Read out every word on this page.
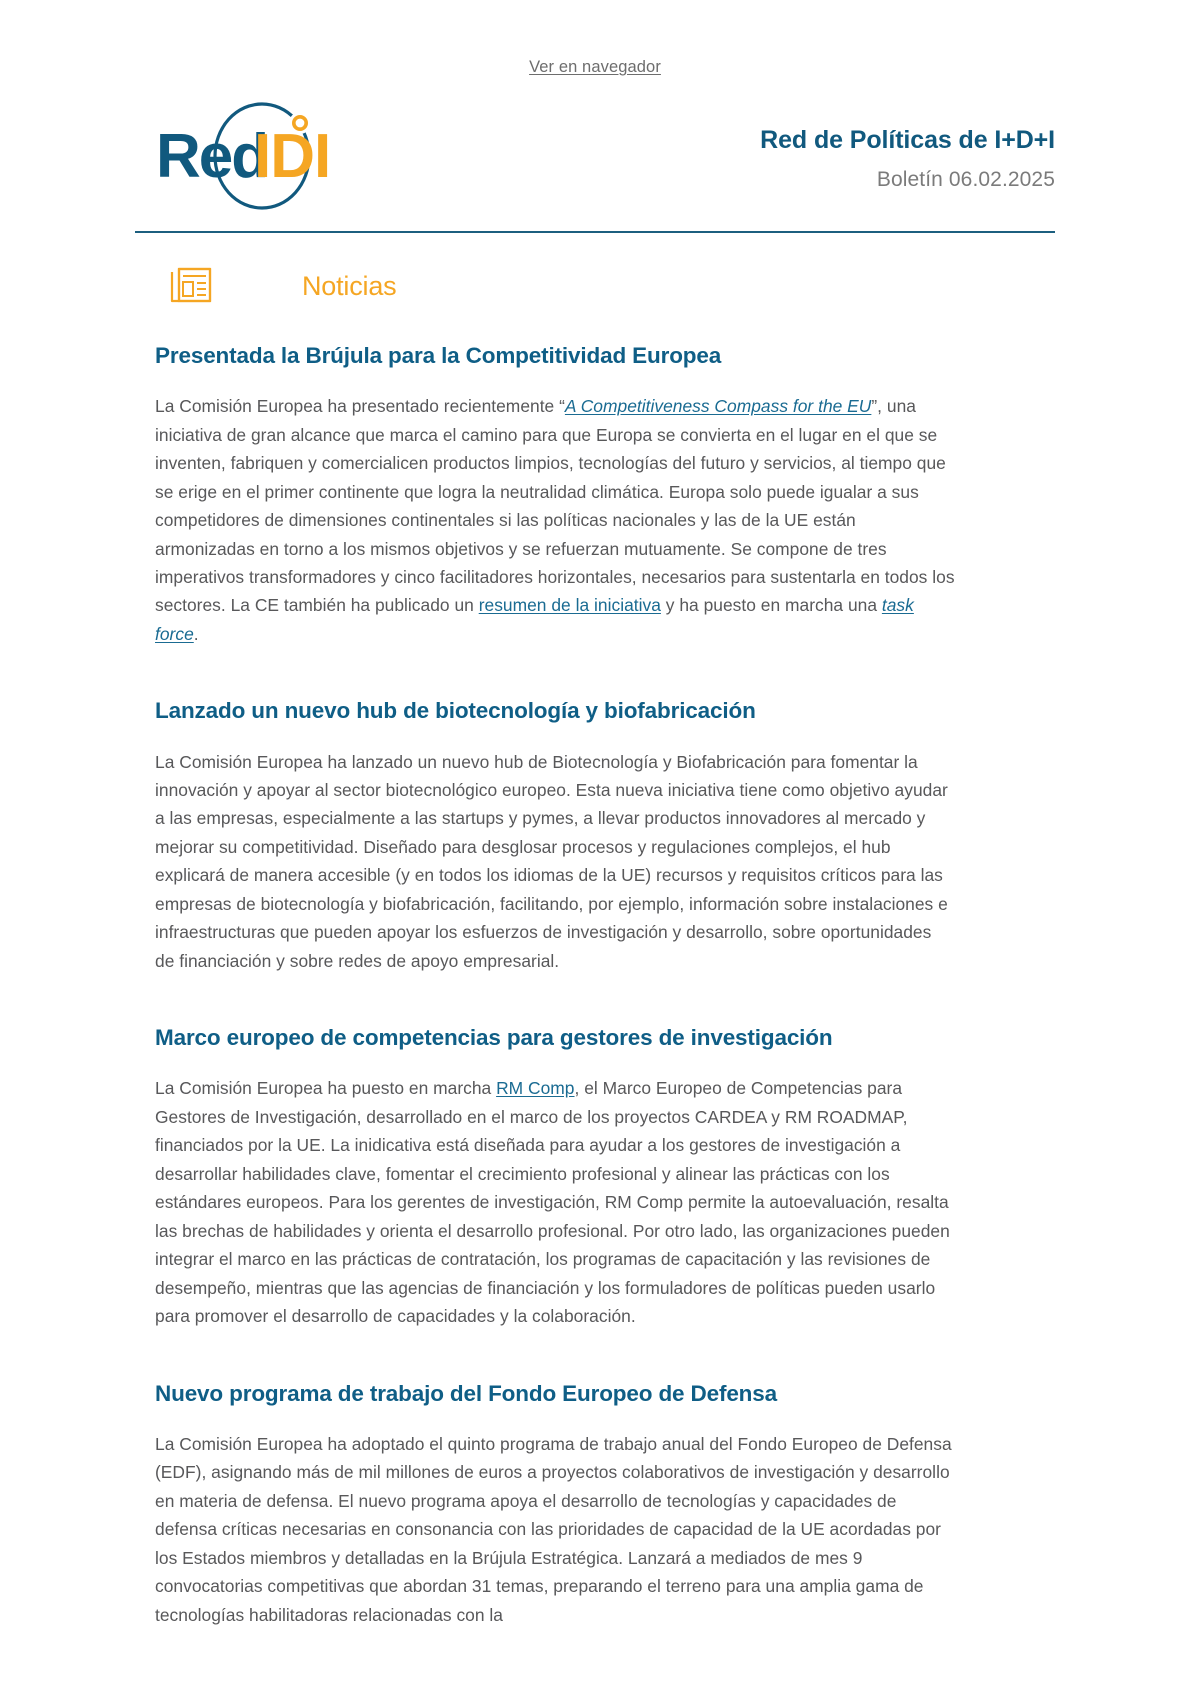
Ver en navegador
Red
IDI	Red de Políticas de I+D+I
Boletín 06.02.2025
Noticias
Presentada la Brújula para la Competitividad Europea

La Comisión Europea ha presentado recientemente “A Competitiveness Compass for the EU”, una iniciativa de gran alcance que marca el camino para que Europa se convierta en el lugar en el que se inventen, fabriquen y comercialicen productos limpios, tecnologías del futuro y servicios, al tiempo que se erige en el primer continente que logra la neutralidad climática. Europa solo puede igualar a sus competidores de dimensiones continentales si las políticas nacionales y las de la UE están armonizadas en torno a los mismos objetivos y se refuerzan mutuamente. Se compone de tres imperativos transformadores y cinco facilitadores horizontales, necesarios para sustentarla en todos los sectores. La CE también ha publicado un resumen de la iniciativa y ha puesto en marcha una task force.

Lanzado un nuevo hub de biotecnología y biofabricación

La Comisión Europea ha lanzado un nuevo hub de Biotecnología y Biofabricación para fomentar la innovación y apoyar al sector biotecnológico europeo. Esta nueva iniciativa tiene como objetivo ayudar a las empresas, especialmente a las startups y pymes, a llevar productos innovadores al mercado y mejorar su competitividad. Diseñado para desglosar procesos y regulaciones complejos, el hub explicará de manera accesible (y en todos los idiomas de la UE) recursos y requisitos críticos para las empresas de biotecnología y biofabricación, facilitando, por ejemplo, información sobre instalaciones e infraestructuras que pueden apoyar los esfuerzos de investigación y desarrollo, sobre oportunidades de financiación y sobre redes de apoyo empresarial.

Marco europeo de competencias para gestores de investigación

La Comisión Europea ha puesto en marcha RM Comp, el Marco Europeo de Competencias para Gestores de Investigación, desarrollado en el marco de los proyectos CARDEA y RM ROADMAP, financiados por la UE. La inidicativa está diseñada para ayudar a los gestores de investigación a desarrollar habilidades clave, fomentar el crecimiento profesional y alinear las prácticas con los estándares europeos. Para los gerentes de investigación, RM Comp permite la autoevaluación, resalta las brechas de habilidades y orienta el desarrollo profesional. Por otro lado, las organizaciones pueden integrar el marco en las prácticas de contratación, los programas de capacitación y las revisiones de desempeño, mientras que las agencias de financiación y los formuladores de políticas pueden usarlo para promover el desarrollo de capacidades y la colaboración.

Nuevo programa de trabajo del Fondo Europeo de Defensa

La Comisión Europea ha adoptado el quinto programa de trabajo anual del Fondo Europeo de Defensa (EDF), asignando más de mil millones de euros a proyectos colaborativos de investigación y desarrollo en materia de defensa. El nuevo programa apoya el desarrollo de tecnologías y capacidades de defensa críticas necesarias en consonancia con las prioridades de capacidad de la UE acordadas por los Estados miembros y detalladas en la Brújula Estratégica. Lanzará a mediados de mes 9 convocatorias competitivas que abordan 31 temas, preparando el terreno para una amplia gama de tecnologías habilitadoras relacionadas con la
